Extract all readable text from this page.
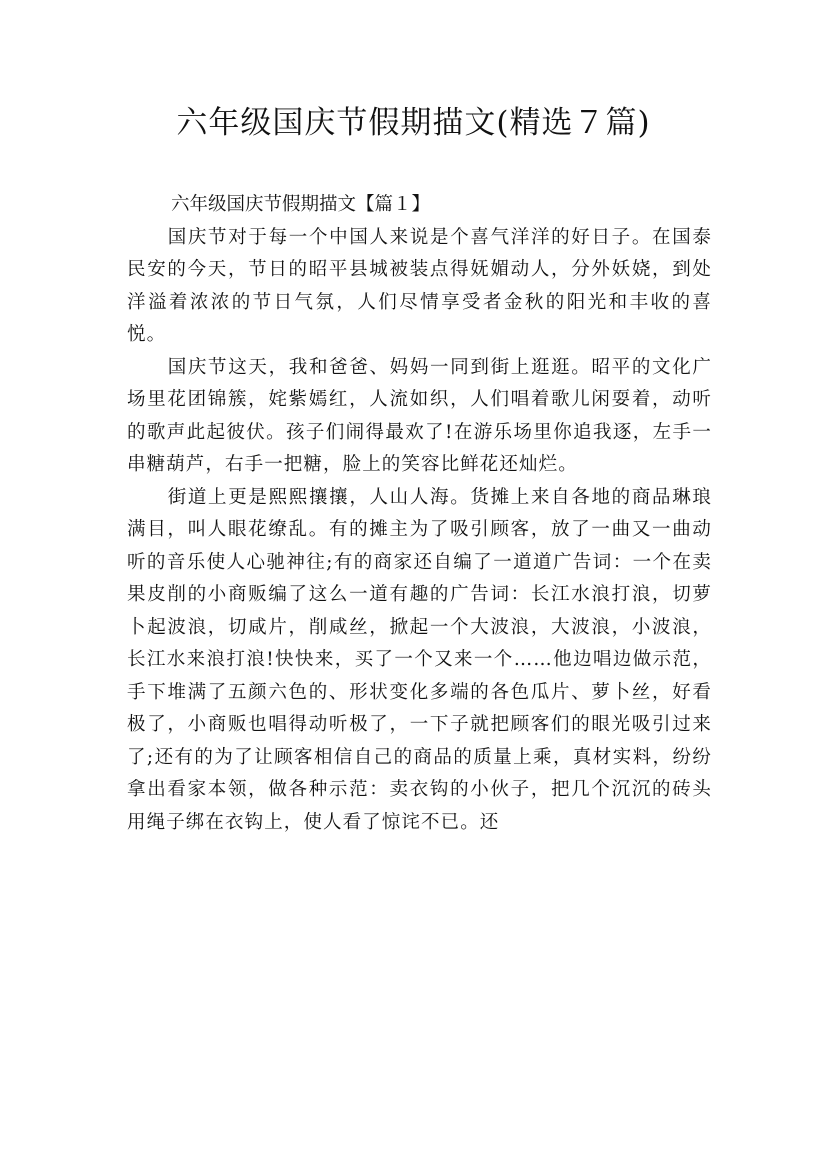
六年级国庆节假期描文(精选７篇)

六年级国庆节假期描文【篇１】

国庆节对于每一个中国人来说是个喜气洋洋的好日子。在国泰民安的今天，节日的昭平县城被装点得妩媚动人，分外妖娆，到处洋溢着浓浓的节日气氛，人们尽情享受者金秋的阳光和丰收的喜悦。

国庆节这天，我和爸爸、妈妈一同到街上逛逛。昭平的文化广场里花团锦簇，姹紫嫣红，人流如织，人们唱着歌儿闲耍着，动听的歌声此起彼伏。孩子们闹得最欢了!在游乐场里你追我逐，左手一串糖葫芦，右手一把糖，脸上的笑容比鲜花还灿烂。

街道上更是熙熙攘攘，人山人海。货摊上来自各地的商品琳琅满目，叫人眼花缭乱。有的摊主为了吸引顾客，放了一曲又一曲动听的音乐使人心驰神往;有的商家还自编了一道道广告词：一个在卖果皮削的小商贩编了这么一道有趣的广告词：长江水浪打浪，切萝卜起波浪，切咸片，削咸丝，掀起一个大波浪，大波浪，小波浪，长江水来浪打浪!快快来，买了一个又来一个……他边唱边做示范，手下堆满了五颜六色的、形状变化多端的各色瓜片、萝卜丝，好看极了，小商贩也唱得动听极了，一下子就把顾客们的眼光吸引过来了;还有的为了让顾客相信自己的商品的质量上乘，真材实料，纷纷拿出看家本领，做各种示范：卖衣钩的小伙子，把几个沉沉的砖头用绳子绑在衣钩上，使人看了惊诧不已。还
